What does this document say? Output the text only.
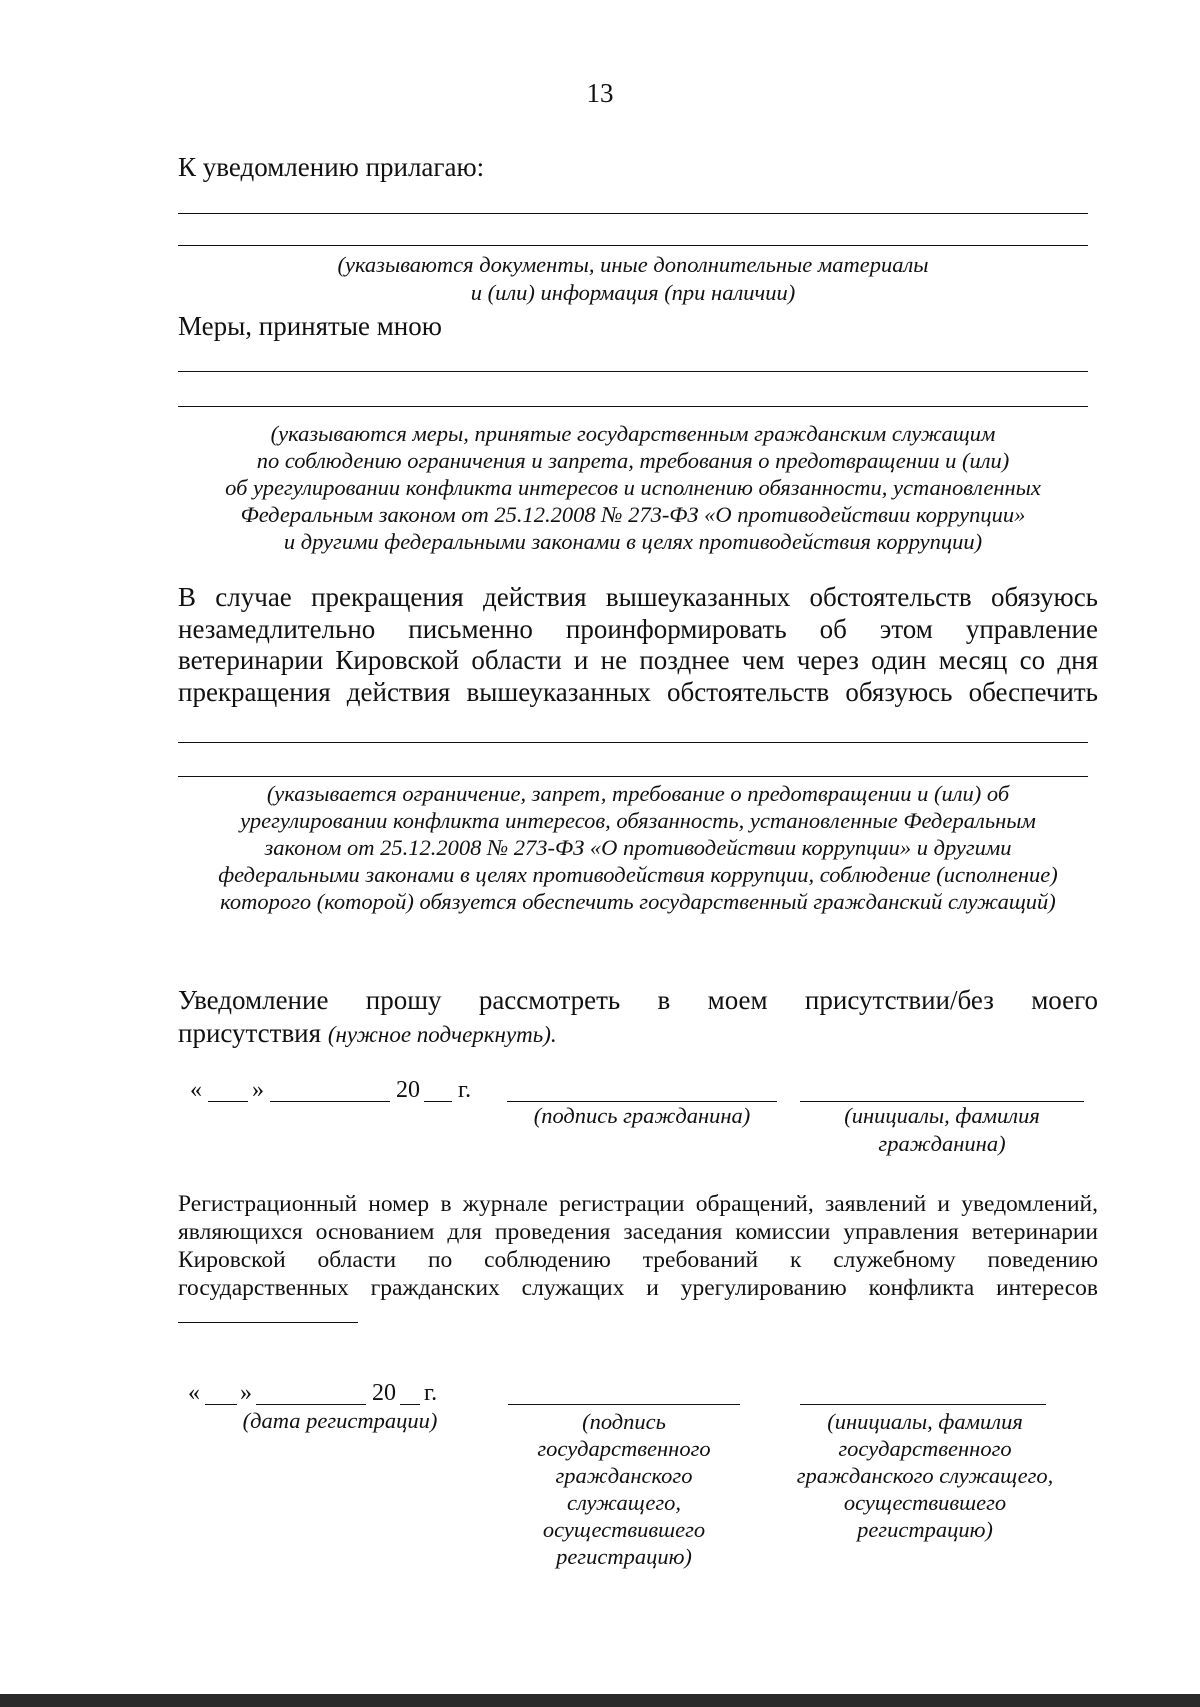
13
К уведомлению прилагаю:
(указываются документы, иные дополнительные материалы
и (или) информация (при наличии)
Меры, принятые мною
(указываются меры, принятые государственным гражданским служащим
по соблюдению ограничения и запрета, требования о предотвращении и (или)
об урегулировании конфликта интересов и исполнению обязанности, установленных
Федеральным законом от 25.12.2008 № 273-ФЗ «О противодействии коррупции»
и другими федеральными законами в целях противодействия коррупции)
В случае прекращения действия вышеуказанных обстоятельств обязуюсь
незамедлительно письменно проинформировать об этом управление
ветеринарии Кировской области и не позднее чем через один месяц со дня
прекращения действия вышеуказанных обстоятельств обязуюсь обеспечить
(указывается ограничение, запрет, требование о предотвращении и (или) об
урегулировании конфликта интересов, обязанность, установленные Федеральным
законом от 25.12.2008 № 273-ФЗ «О противодействии коррупции» и другими
федеральными законами в целях противодействия коррупции, соблюдение (исполнение)
которого (которой) обязуется обеспечить государственный гражданский служащий)
Уведомление прошу рассмотреть в моем присутствии/без моего
присутствия (нужное подчеркнуть).
« »	20 г.
(подпись гражданина)	(инициалы, фамилия
гражданина)
Регистрационный номер в журнале регистрации обращений, заявлений и уведомлений,
являющихся основанием для проведения заседания комиссии управления ветеринарии
Кировской области по соблюдению требований к служебному поведению
государственных гражданских служащих и урегулированию конфликта интересов
« »	20 г.
(дата регистрации)	(подпись
государственного
гражданского служащего,
осуществившего
регистрацию)
(инициалы, фамилия
государственного
гражданского служащего,
осуществившего
регистрацию)
